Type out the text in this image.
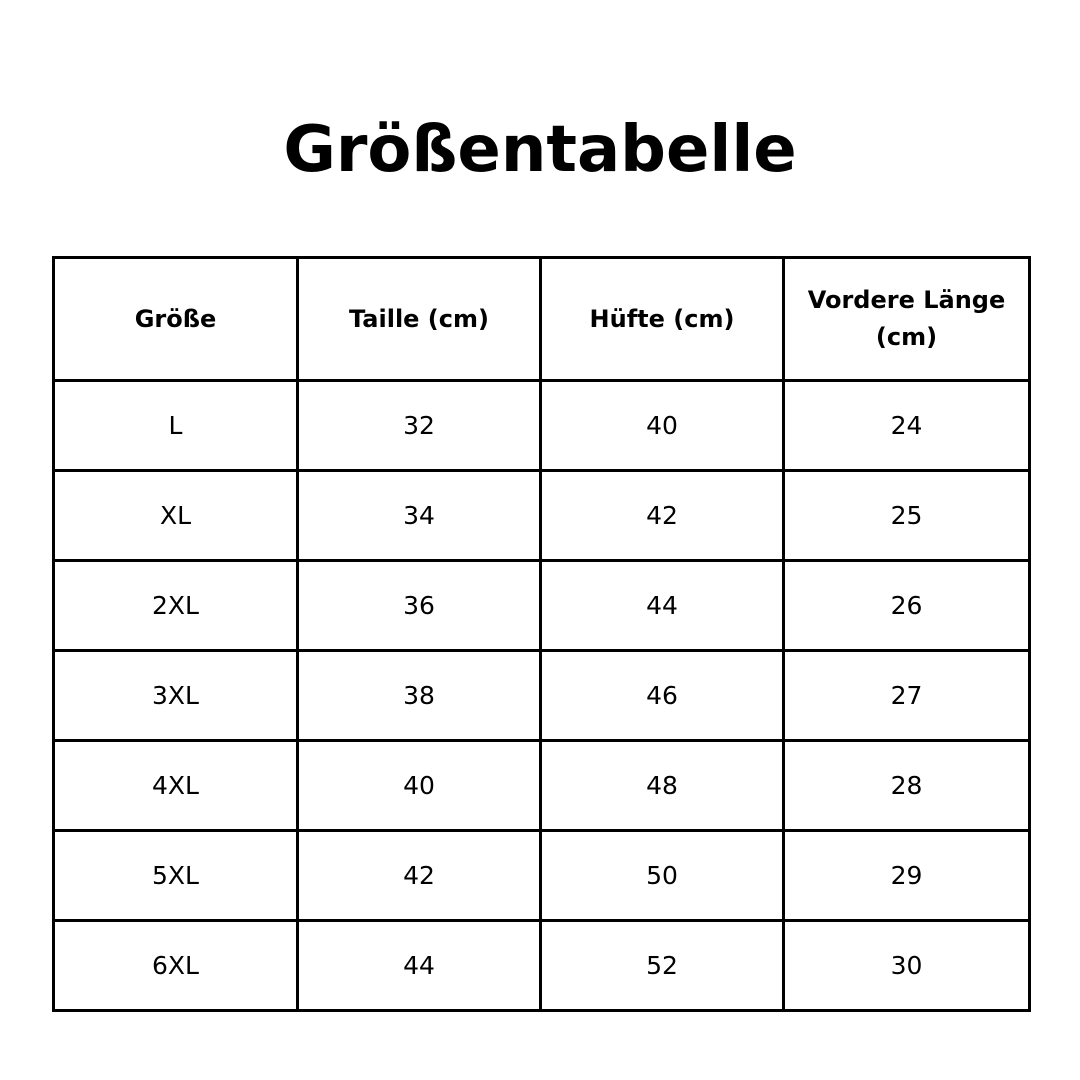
Größentabelle
Größe	Taille (cm)	Hüfte (cm)	Vordere Länge (cm)
L	32	40	24
XL	34	42	25
2XL	36	44	26
3XL	38	46	27
4XL	40	48	28
5XL	42	50	29
6XL	44	52	30
